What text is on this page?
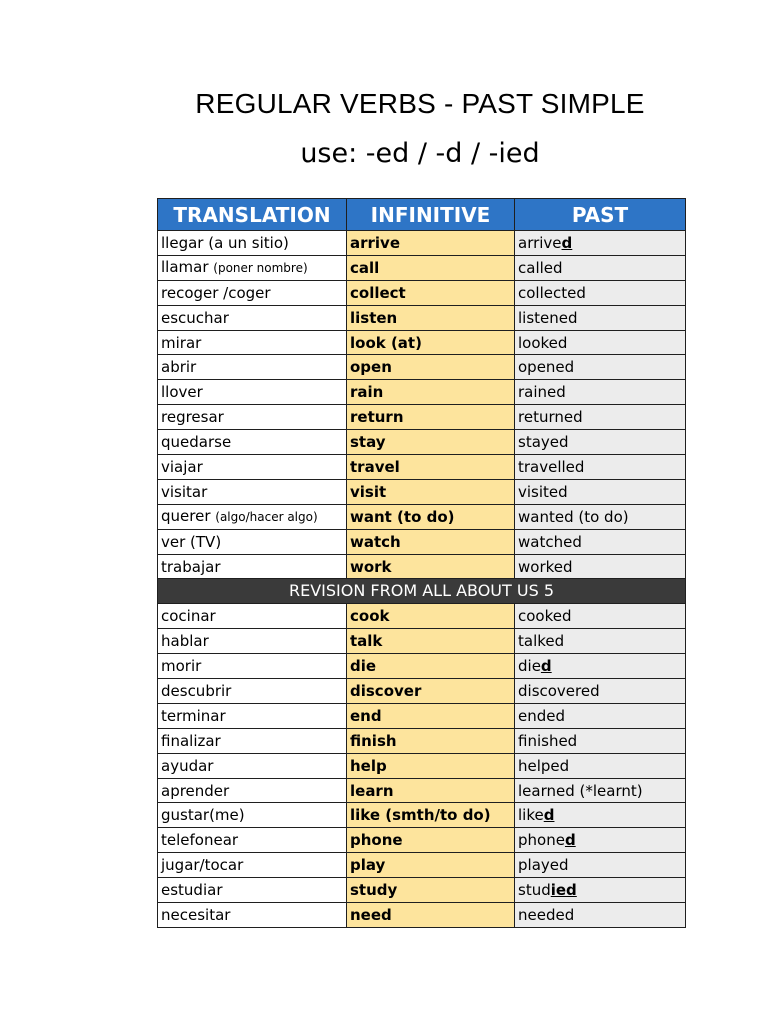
REGULAR VERBS - PAST SIMPLE
use: -ed / -d / -ied
TRANSLATION	INFINITIVE	PAST
llegar (a un sitio)	arrive	arrived
llamar (poner nombre)	call	called
recoger /coger	collect	collected
escuchar	listen	listened
mirar	look (at)	looked
abrir	open	opened
llover	rain	rained
regresar	return	returned
quedarse	stay	stayed
viajar	travel	travelled
visitar	visit	visited
querer (algo/hacer algo)	want (to do)	wanted (to do)
ver (TV)	watch	watched
trabajar	work	worked
REVISION FROM ALL ABOUT US 5		
cocinar	cook	cooked
hablar	talk	talked
morir	die	died
descubrir	discover	discovered
terminar	end	ended
finalizar	finish	finished
ayudar	help	helped
aprender	learn	learned (*learnt)
gustar(me)	like (smth/to do)	liked
telefonear	phone	phoned
jugar/tocar	play	played
estudiar	study	studied
necesitar	need	needed
